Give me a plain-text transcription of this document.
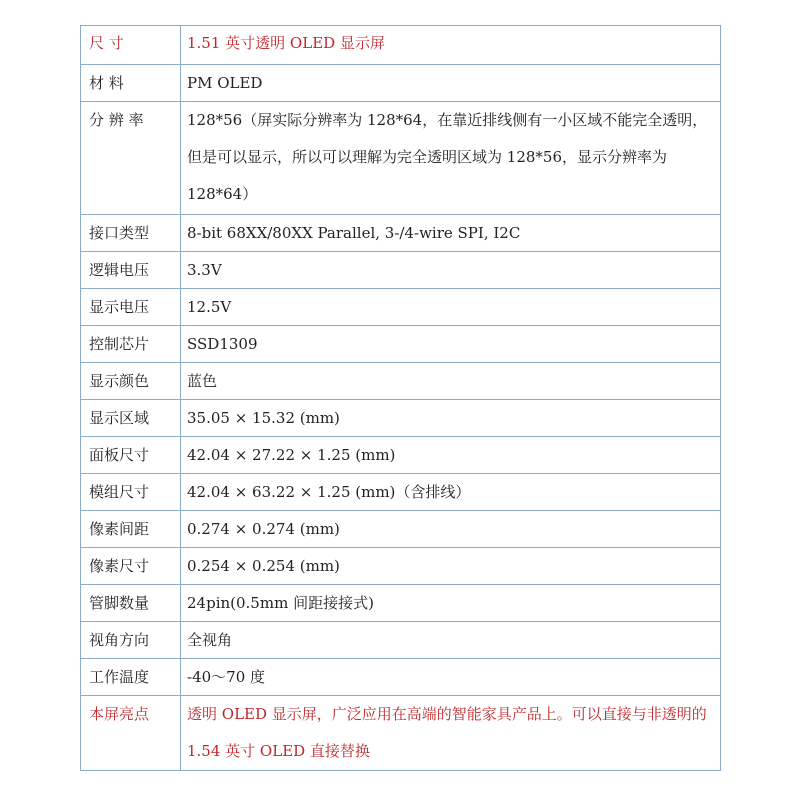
尺 寸	1.51 英寸透明 OLED 显示屏
材 料	PM OLED
分 辨 率	128*56（屏实际分辨率为 128*64，在靠近排线侧有一小区域不能完全透明，但是可以显示，所以可以理解为完全透明区域为 128*56，显示分辨率为 128*64）
接口类型	8-bit 68XX/80XX Parallel, 3-/4-wire SPI, I2C
逻辑电压	3.3V
显示电压	12.5V
控制芯片	SSD1309
显示颜色	蓝色
显示区域	35.05 × 15.32 (mm)
面板尺寸	42.04 × 27.22 × 1.25 (mm)
模组尺寸	42.04 × 63.22 × 1.25 (mm)（含排线）
像素间距	0.274 × 0.274 (mm)
像素尺寸	0.254 × 0.254 (mm)
管脚数量	24pin(0.5mm 间距接接式)
视角方向	全视角
工作温度	-40～70 度
本屏亮点	透明 OLED 显示屏，广泛应用在高端的智能家具产品上。可以直接与非透明的 1.54 英寸 OLED 直接替换
